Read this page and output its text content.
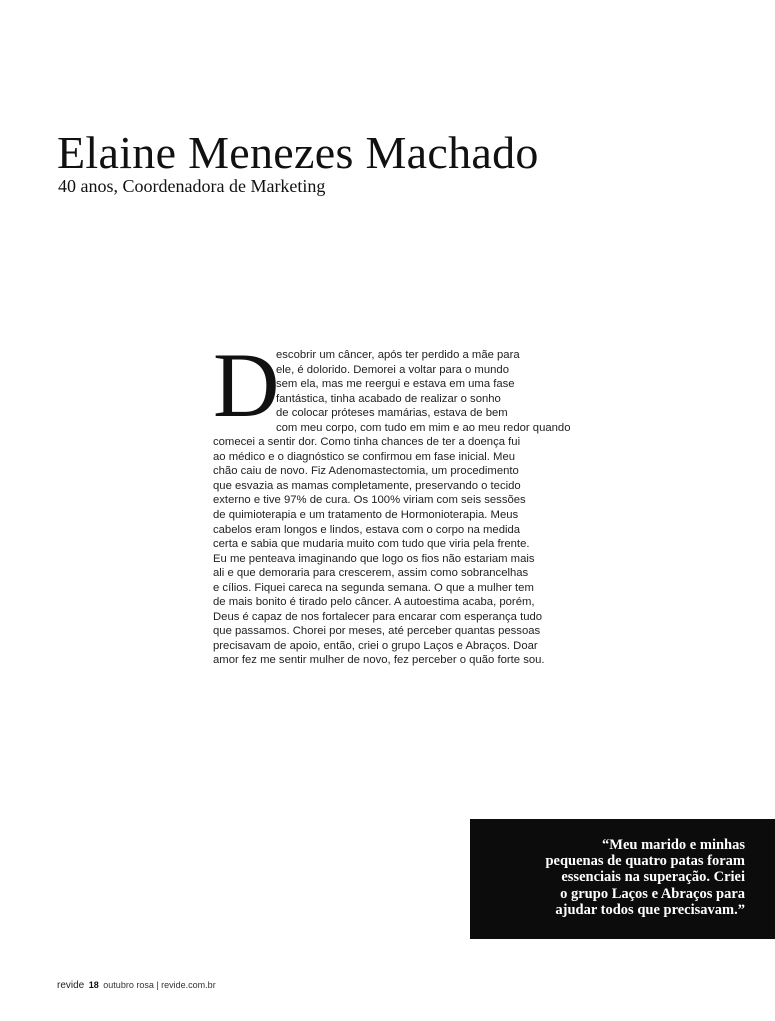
Elaine Menezes Machado

40 anos, Coordenadora de Marketing

D
escobrir um câncer, após ter perdido a mãe para
ele, é dolorido. Demorei a voltar para o mundo
sem ela, mas me reergui e estava em uma fase
fantástica, tinha acabado de realizar o sonho
de colocar próteses mamárias, estava de bem
com meu corpo, com tudo em mim e ao meu redor quando
comecei a sentir dor. Como tinha chances de ter a doença fui
ao médico e o diagnóstico se confirmou em fase inicial. Meu
chão caiu de novo. Fiz Adenomastectomia, um procedimento
que esvazia as mamas completamente, preservando o tecido
externo e tive 97% de cura. Os 100% viriam com seis sessões
de quimioterapia e um tratamento de Hormonioterapia. Meus
cabelos eram longos e lindos, estava com o corpo na medida
certa e sabia que mudaria muito com tudo que viria pela frente.
Eu me penteava imaginando que logo os fios não estariam mais
ali e que demoraria para crescerem, assim como sobrancelhas
e cílios. Fiquei careca na segunda semana. O que a mulher tem
de mais bonito é tirado pelo câncer. A autoestima acaba, porém,
Deus é capaz de nos fortalecer para encarar com esperança tudo
que passamos. Chorei por meses, até perceber quantas pessoas
precisavam de apoio, então, criei o grupo Laços e Abraços. Doar
amor fez me sentir mulher de novo, fez perceber o quão forte sou.
“Meu marido e minhas
pequenas de quatro patas foram
essenciais na superação. Criei
o grupo Laços e Abraços para
ajudar todos que precisavam.”
revide 18 outubro rosa | revide.com.br
